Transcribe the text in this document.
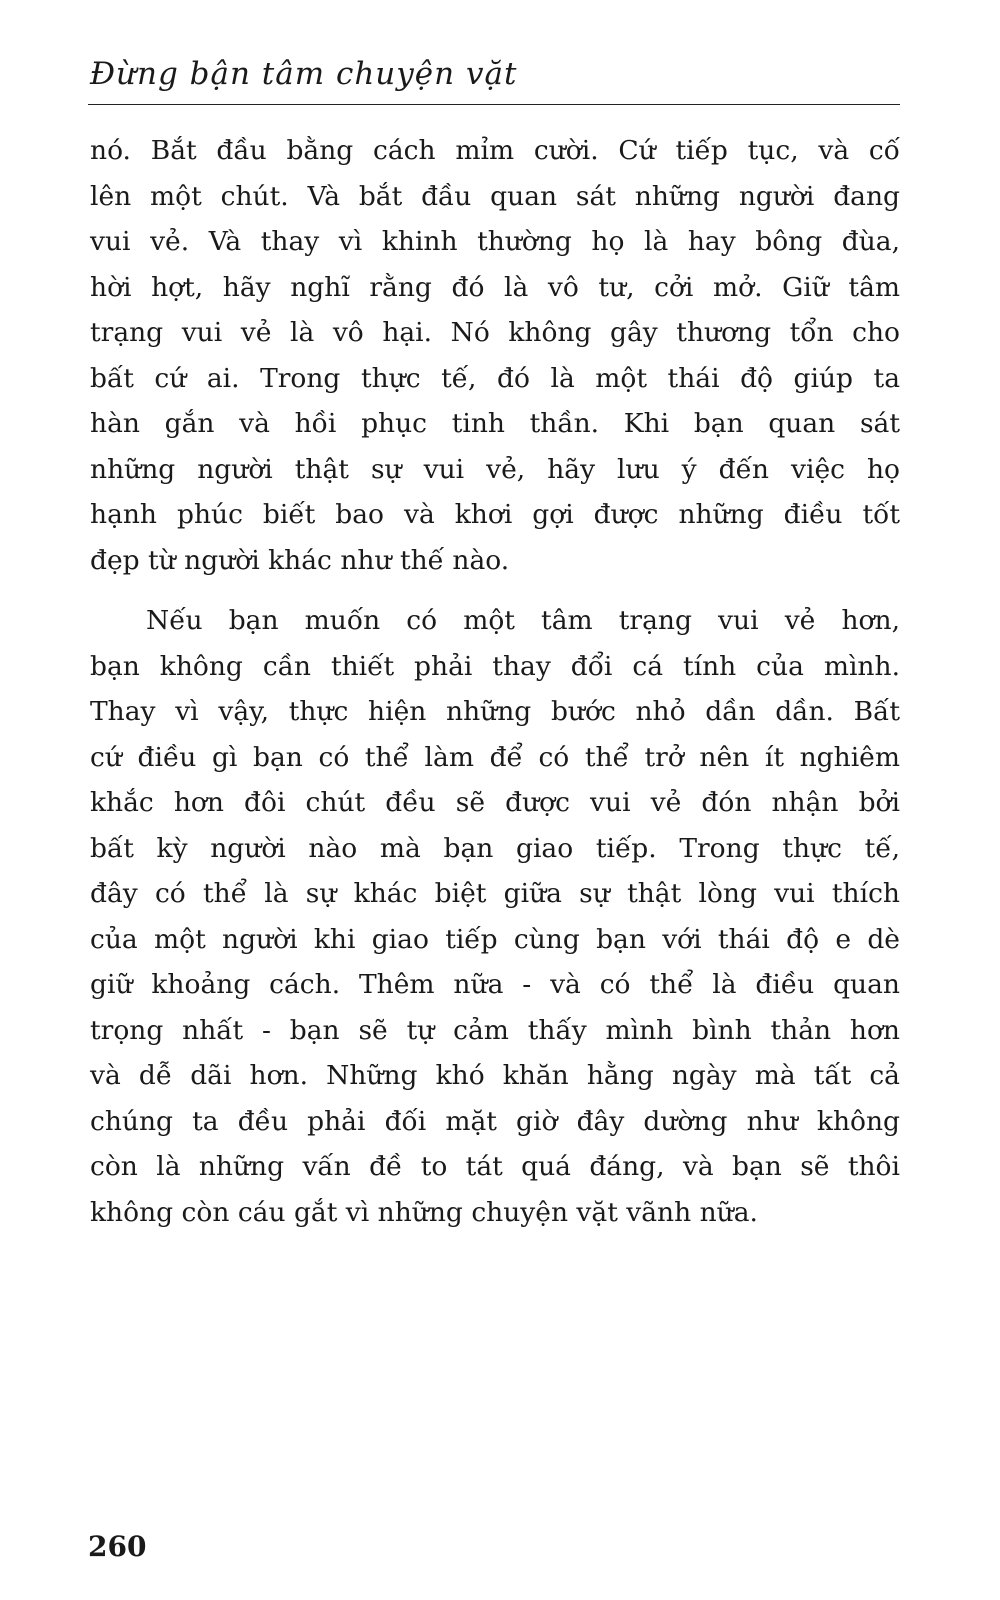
Đừng bận tâm chuyện vặt

nó. Bắt đầu bằng cách mỉm cười. Cứ tiếp tục, và cố
lên một chút. Và bắt đầu quan sát những người đang
vui vẻ. Và thay vì khinh thường họ là hay bông đùa,
hời hợt, hãy nghĩ rằng đó là vô tư, cởi mở. Giữ tâm
trạng vui vẻ là vô hại. Nó không gây thương tổn cho
bất cứ ai. Trong thực tế, đó là một thái độ giúp ta
hàn gắn và hồi phục tinh thần. Khi bạn quan sát
những người thật sự vui vẻ, hãy lưu ý đến việc họ
hạnh phúc biết bao và khơi gợi được những điều tốt
đẹp từ người khác như thế nào.

Nếu bạn muốn có một tâm trạng vui vẻ hơn,
bạn không cần thiết phải thay đổi cá tính của mình.
Thay vì vậy, thực hiện những bước nhỏ dần dần. Bất
cứ điều gì bạn có thể làm để có thể trở nên ít nghiêm
khắc hơn đôi chút đều sẽ được vui vẻ đón nhận bởi
bất kỳ người nào mà bạn giao tiếp. Trong thực tế,
đây có thể là sự khác biệt giữa sự thật lòng vui thích
của một người khi giao tiếp cùng bạn với thái độ e dè
giữ khoảng cách. Thêm nữa - và có thể là điều quan
trọng nhất - bạn sẽ tự cảm thấy mình bình thản hơn
và dễ dãi hơn. Những khó khăn hằng ngày mà tất cả
chúng ta đều phải đối mặt giờ đây dường như không
còn là những vấn đề to tát quá đáng, và bạn sẽ thôi
không còn cáu gắt vì những chuyện vặt vãnh nữa.

260
